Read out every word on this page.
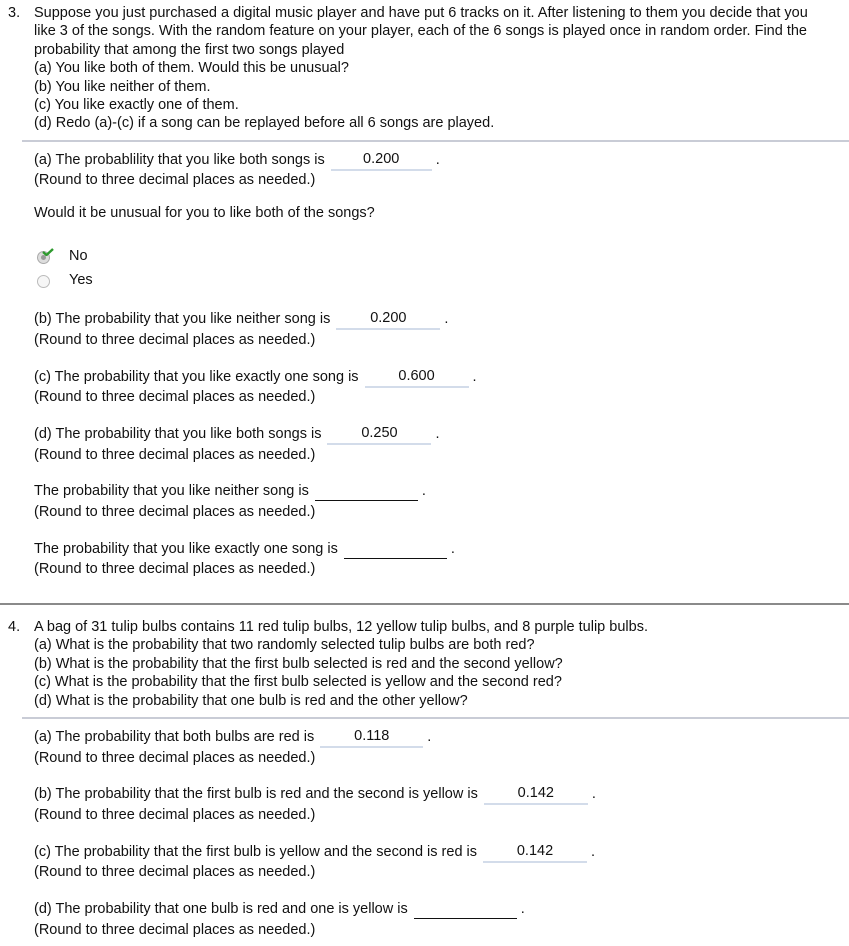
3. Suppose you just purchased a digital music player and have put 6 tracks on it. After listening to them you decide that you
like 3 of the songs. With the random feature on your player, each of the 6 songs is played once in random order. Find the
probability that among the first two songs played
(a) You like both of them. Would this be unusual?
(b) You like neither of them.
(c) You like exactly one of them.
(d) Redo (a)-(c) if a song can be replayed before all 6 songs are played.
(a) The probablility that you like both songs is	0.200	.
(Round to three decimal places as needed.)
Would it be unusual for you to like both of the songs?
No
Yes
(b) The probability that you like neither song is	0.200	.
(Round to three decimal places as needed.)
(c) The probability that you like exactly one song is	0.600	.
(Round to three decimal places as needed.)
(d) The probability that you like both songs is	0.250	.
(Round to three decimal places as needed.)
The probability that you like neither song is	.
(Round to three decimal places as needed.)
The probability that you like exactly one song is	.
(Round to three decimal places as needed.)
4. A bag of 31 tulip bulbs contains 11 red tulip bulbs, 12 yellow tulip bulbs, and 8 purple tulip bulbs.
(a) What is the probability that two randomly selected tulip bulbs are both red?
(b) What is the probability that the first bulb selected is red and the second yellow?
(c) What is the probability that the first bulb selected is yellow and the second red?
(d) What is the probability that one bulb is red and the other yellow?
(a) The probability that both bulbs are red is	0.118	.
(Round to three decimal places as needed.)
(b) The probability that the first bulb is red and the second is yellow is	0.142	.
(Round to three decimal places as needed.)
(c) The probability that the first bulb is yellow and the second is red is	0.142	.
(Round to three decimal places as needed.)
(d) The probability that one bulb is red and one is yellow is	.
(Round to three decimal places as needed.)
